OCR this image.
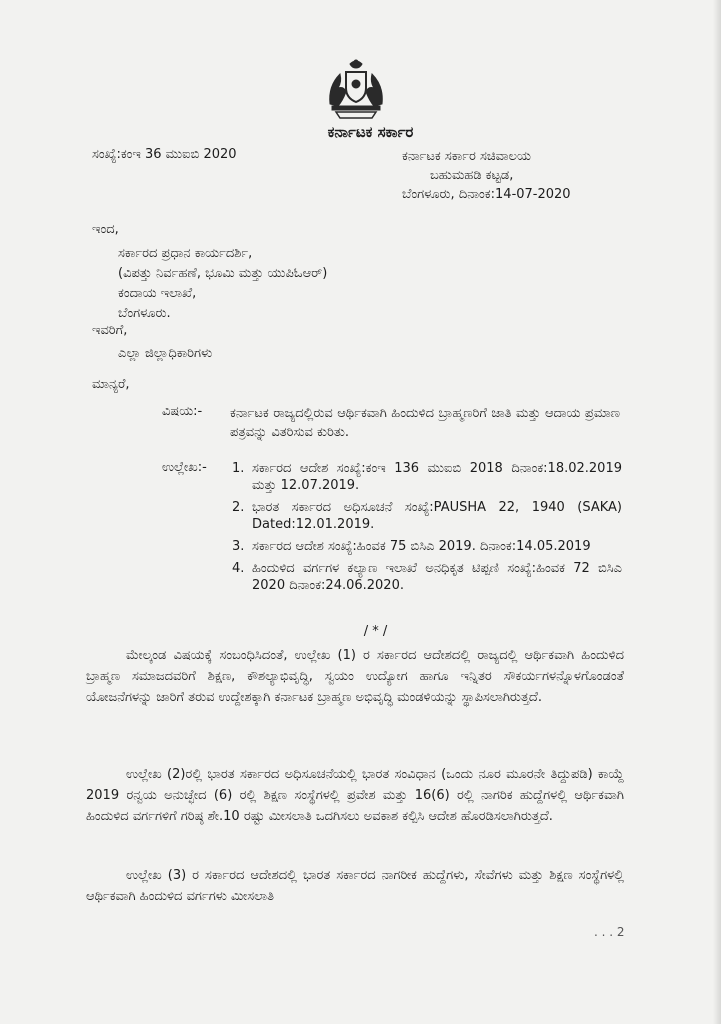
ಕರ್ನಾಟಕ ಸರ್ಕಾರ
ಸಂಖ್ಯೆ:ಕಂಇ 36 ಮುಐಬಿ 2020	ಕರ್ನಾಟಕ ಸರ್ಕಾರ ಸಚಿವಾಲಯ
ಬಹುಮಹಡಿ ಕಟ್ಟಡ,
ಬೆಂಗಳೂರು, ದಿನಾಂಕ:14-07-2020
ಇಂದ,
ಸರ್ಕಾರದ ಪ್ರಧಾನ ಕಾರ್ಯದರ್ಶಿ,
(ವಿಪತ್ತು ನಿರ್ವಹಣೆ, ಭೂಮಿ ಮತ್ತು ಯುಪಿಓಆರ್)
ಕಂದಾಯ ಇಲಾಖೆ,
ಬೆಂಗಳೂರು.
ಇವರಿಗೆ,
ಎಲ್ಲಾ ಜಿಲ್ಲಾಧಿಕಾರಿಗಳು
ಮಾನ್ಯರೆ,
ವಿಷಯ:- ಕರ್ನಾಟಕ ರಾಜ್ಯದಲ್ಲಿರುವ ಆರ್ಥಿಕವಾಗಿ ಹಿಂದುಳಿದ ಬ್ರಾಹ್ಮಣರಿಗೆ ಜಾತಿ ಮತ್ತು ಆದಾಯ ಪ್ರಮಾಣ ಪತ್ರವನ್ನು ವಿತರಿಸುವ ಕುರಿತು.
ಉಲ್ಲೇಖ:- 1. ಸರ್ಕಾರದ ಆದೇಶ ಸಂಖ್ಯೆ:ಕಂಇ 136 ಮುಐಬಿ 2018 ದಿನಾಂಕ:18.02.2019 ಮತ್ತು 12.07.2019.
2. ಭಾರತ ಸರ್ಕಾರದ ಅಧಿಸೂಚನೆ ಸಂಖ್ಯೆ:PAUSHA 22, 1940 (SAKA) Dated:12.01.2019.
3. ಸರ್ಕಾರದ ಆದೇಶ ಸಂಖ್ಯೆ:ಹಿಂವಕ 75 ಬಿಸಿಎ 2019. ದಿನಾಂಕ:14.05.2019
4. ಹಿಂದುಳಿದ ವರ್ಗಗಳ ಕಲ್ಯಾಣ ಇಲಾಖೆ ಅನಧಿಕೃತ ಟಿಪ್ಪಣಿ ಸಂಖ್ಯೆ:ಹಿಂವಕ 72 ಬಿಸಿಎ 2020 ದಿನಾಂಕ:24.06.2020.
/ * /
ಮೇಲ್ಕಂಡ ವಿಷಯಕ್ಕೆ ಸಂಬಂಧಿಸಿದಂತೆ, ಉಲ್ಲೇಖ (1) ರ ಸರ್ಕಾರದ ಆದೇಶದಲ್ಲಿ ರಾಜ್ಯದಲ್ಲಿ ಆರ್ಥಿಕವಾಗಿ ಹಿಂದುಳಿದ ಬ್ರಾಹ್ಮಣ ಸಮಾಜದವರಿಗೆ ಶಿಕ್ಷಣ, ಕೌಶಲ್ಯಾಭಿವೃದ್ಧಿ, ಸ್ವಯಂ ಉದ್ಯೋಗ ಹಾಗೂ ಇನ್ನಿತರ ಸೌಕರ್ಯಗಳನ್ನೊಳಗೊಂಡಂತೆ ಯೋಜನೆಗಳನ್ನು ಜಾರಿಗೆ ತರುವ ಉದ್ದೇಶಕ್ಕಾಗಿ ಕರ್ನಾಟಕ ಬ್ರಾಹ್ಮಣ ಅಭಿವೃದ್ಧಿ ಮಂಡಳಿಯನ್ನು ಸ್ಥಾಪಿಸಲಾಗಿರುತ್ತದೆ.
ಉಲ್ಲೇಖ (2)ರಲ್ಲಿ ಭಾರತ ಸರ್ಕಾರದ ಅಧಿಸೂಚನೆಯಲ್ಲಿ ಭಾರತ ಸಂವಿಧಾನ (ಒಂದು ನೂರ ಮೂರನೇ ತಿದ್ದುಪಡಿ) ಕಾಯ್ದೆ 2019 ರನ್ವಯ ಅನುಚ್ಛೇದ (6) ರಲ್ಲಿ ಶಿಕ್ಷಣ ಸಂಸ್ಥೆಗಳಲ್ಲಿ ಪ್ರವೇಶ ಮತ್ತು 16(6) ರಲ್ಲಿ ನಾಗರಿಕ ಹುದ್ದೆಗಳಲ್ಲಿ ಆರ್ಥಿಕವಾಗಿ ಹಿಂದುಳಿದ ವರ್ಗಗಳಿಗೆ ಗರಿಷ್ಠ ಶೇ.10 ರಷ್ಟು ಮೀಸಲಾತಿ ಒದಗಿಸಲು ಅವಕಾಶ ಕಲ್ಪಿಸಿ ಆದೇಶ ಹೊರಡಿಸಲಾಗಿರುತ್ತದೆ.
ಉಲ್ಲೇಖ (3) ರ ಸರ್ಕಾರದ ಆದೇಶದಲ್ಲಿ ಭಾರತ ಸರ್ಕಾರದ ನಾಗರೀಕ ಹುದ್ದೆಗಳು, ಸೇವೆಗಳು ಮತ್ತು ಶಿಕ್ಷಣ ಸಂಸ್ಥೆಗಳಲ್ಲಿ ಆರ್ಥಿಕವಾಗಿ ಹಿಂದುಳಿದ ವರ್ಗಗಳು ಮೀಸಲಾತಿ
. . . 2
